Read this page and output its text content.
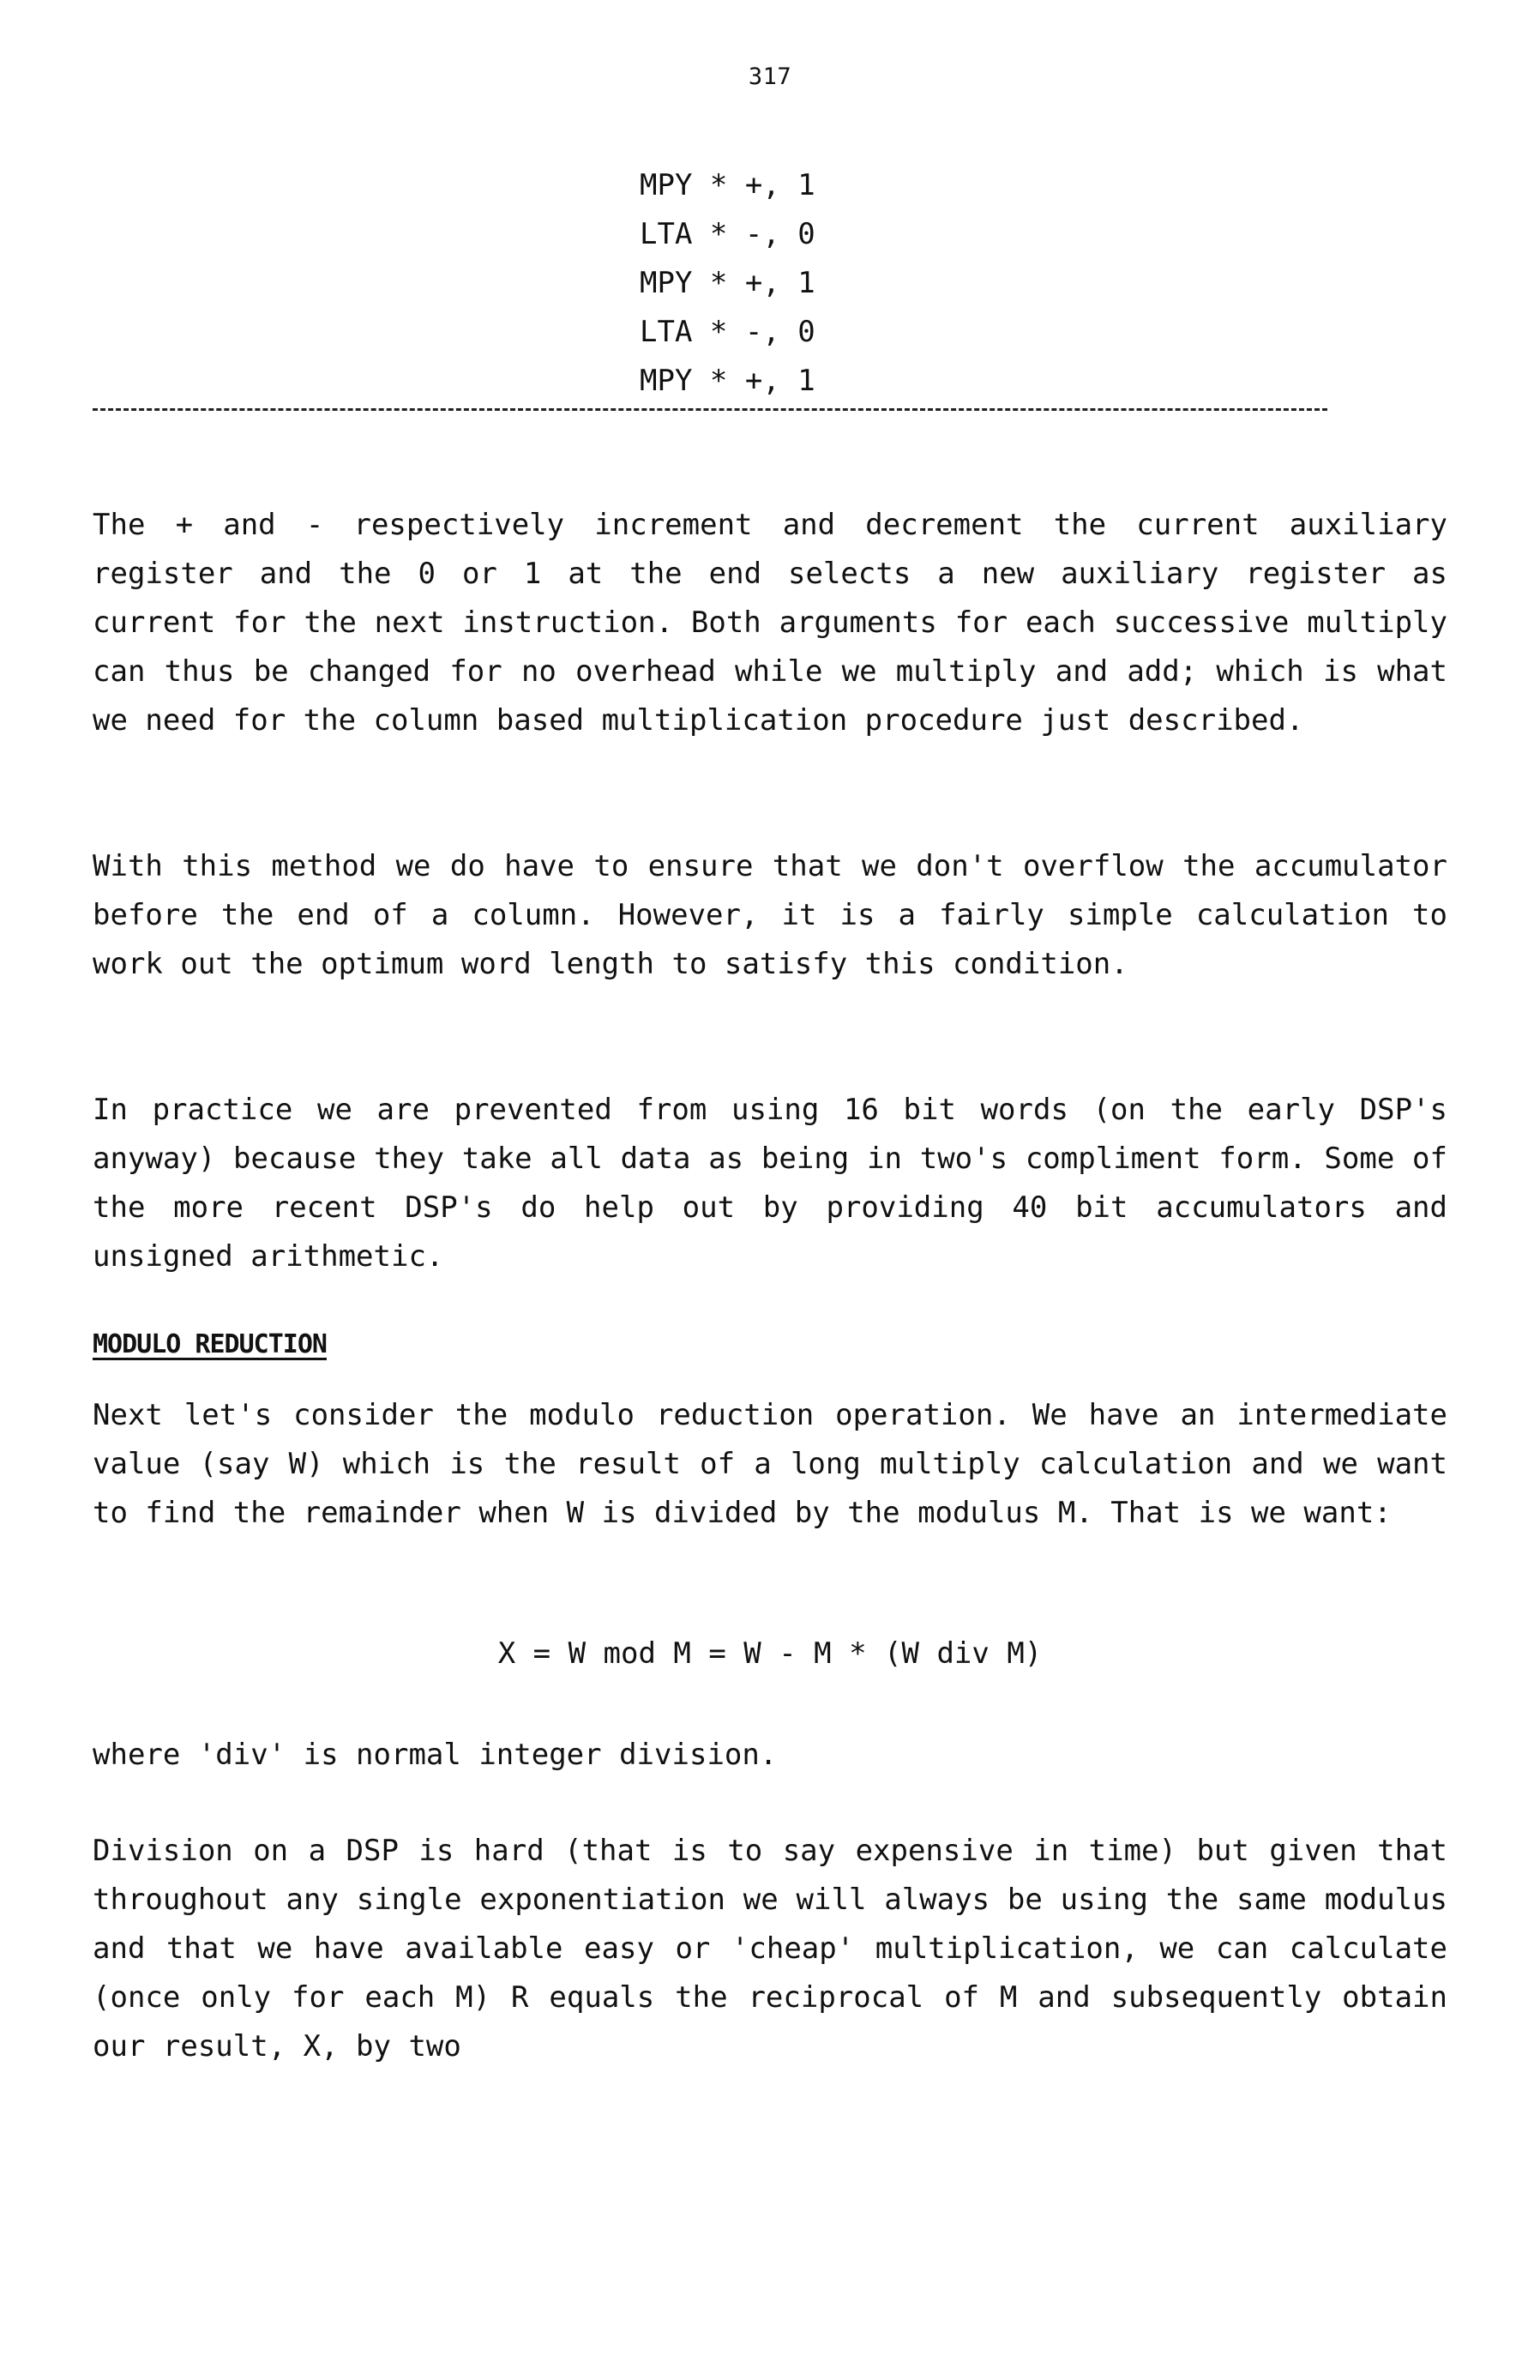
317
MPY * +, 1
LTA * -, 0
MPY * +, 1
LTA * -, 0
MPY * +, 1

The + and - respectively increment and decrement the current auxiliary register and the 0 or 1 at the end selects a new auxiliary register as current for the next instruction. Both arguments for each successive multiply can thus be changed for no overhead while we multiply and add; which is what we need for the column based multiplication procedure just described.

With this method we do have to ensure that we don't overflow the accumulator before the end of a column. However, it is a fairly simple calculation to work out the optimum word length to satisfy this condition.

In practice we are prevented from using 16 bit words (on the early DSP's anyway) because they take all data as being in two's compliment form. Some of the more recent DSP's do help out by providing 40 bit accumulators and unsigned arithmetic.

MODULO REDUCTION

Next let's consider the modulo reduction operation. We have an intermediate value (say W) which is the result of a long multiply calculation and we want to find the remainder when W is divided by the modulus M. That is we want:

X = W mod M = W - M * (W div M)

where 'div' is normal integer division.

Division on a DSP is hard (that is to say expensive in time) but given that throughout any single exponentiation we will always be using the same modulus and that we have available easy or 'cheap' multiplication, we can calculate (once only for each M) R equals the reciprocal of M and subsequently obtain our result, X, by two
